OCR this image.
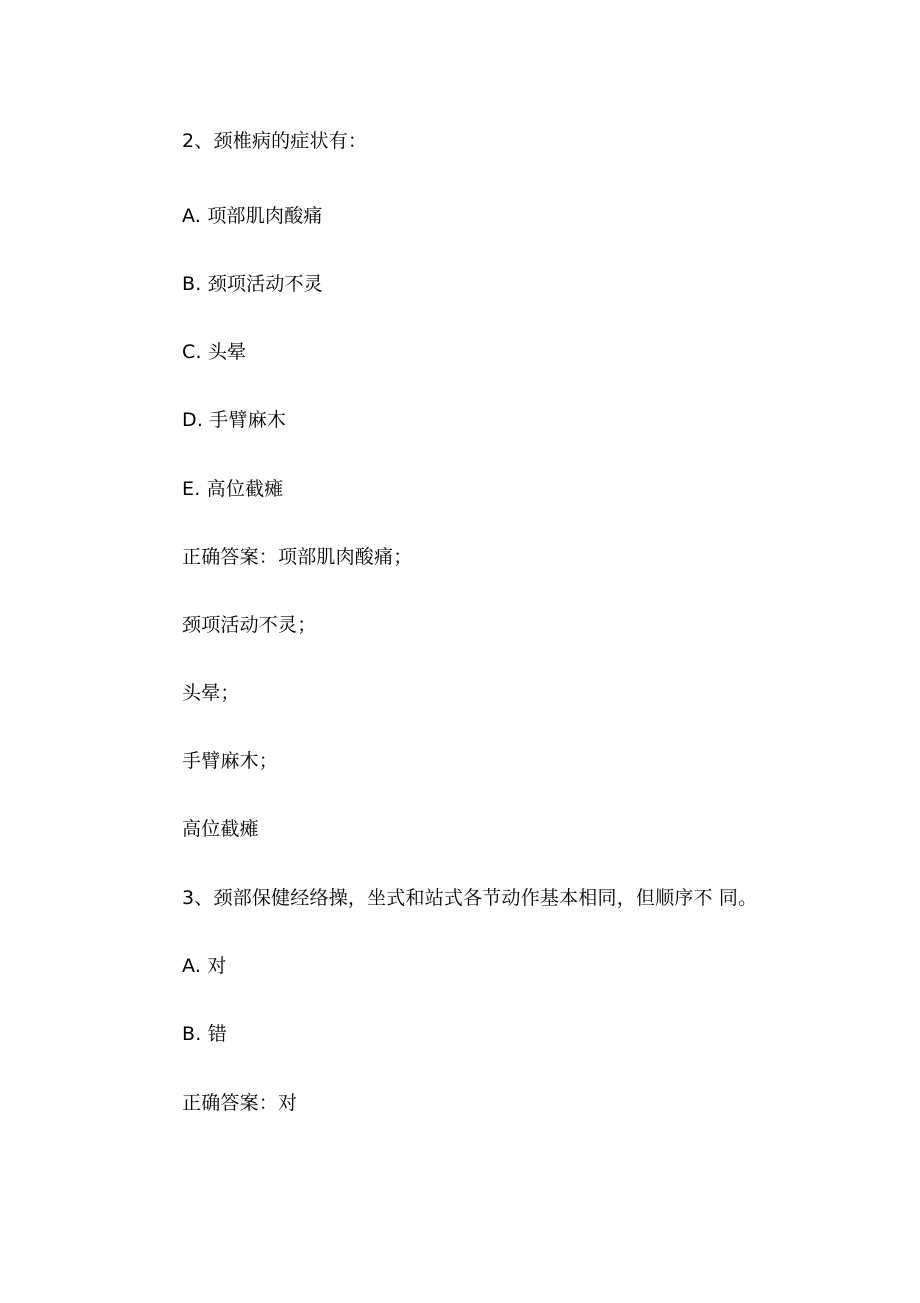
2、颈椎病的症状有：
A. 项部肌肉酸痛
B. 颈项活动不灵
C. 头晕
D. 手臂麻木
E. 高位截瘫
正确答案：项部肌肉酸痛；
颈项活动不灵；
头晕；
手臂麻木；
高位截瘫
3、颈部保健经络操，坐式和站式各节动作基本相同，但顺序不 同。
A. 对
B. 错
正确答案：对
